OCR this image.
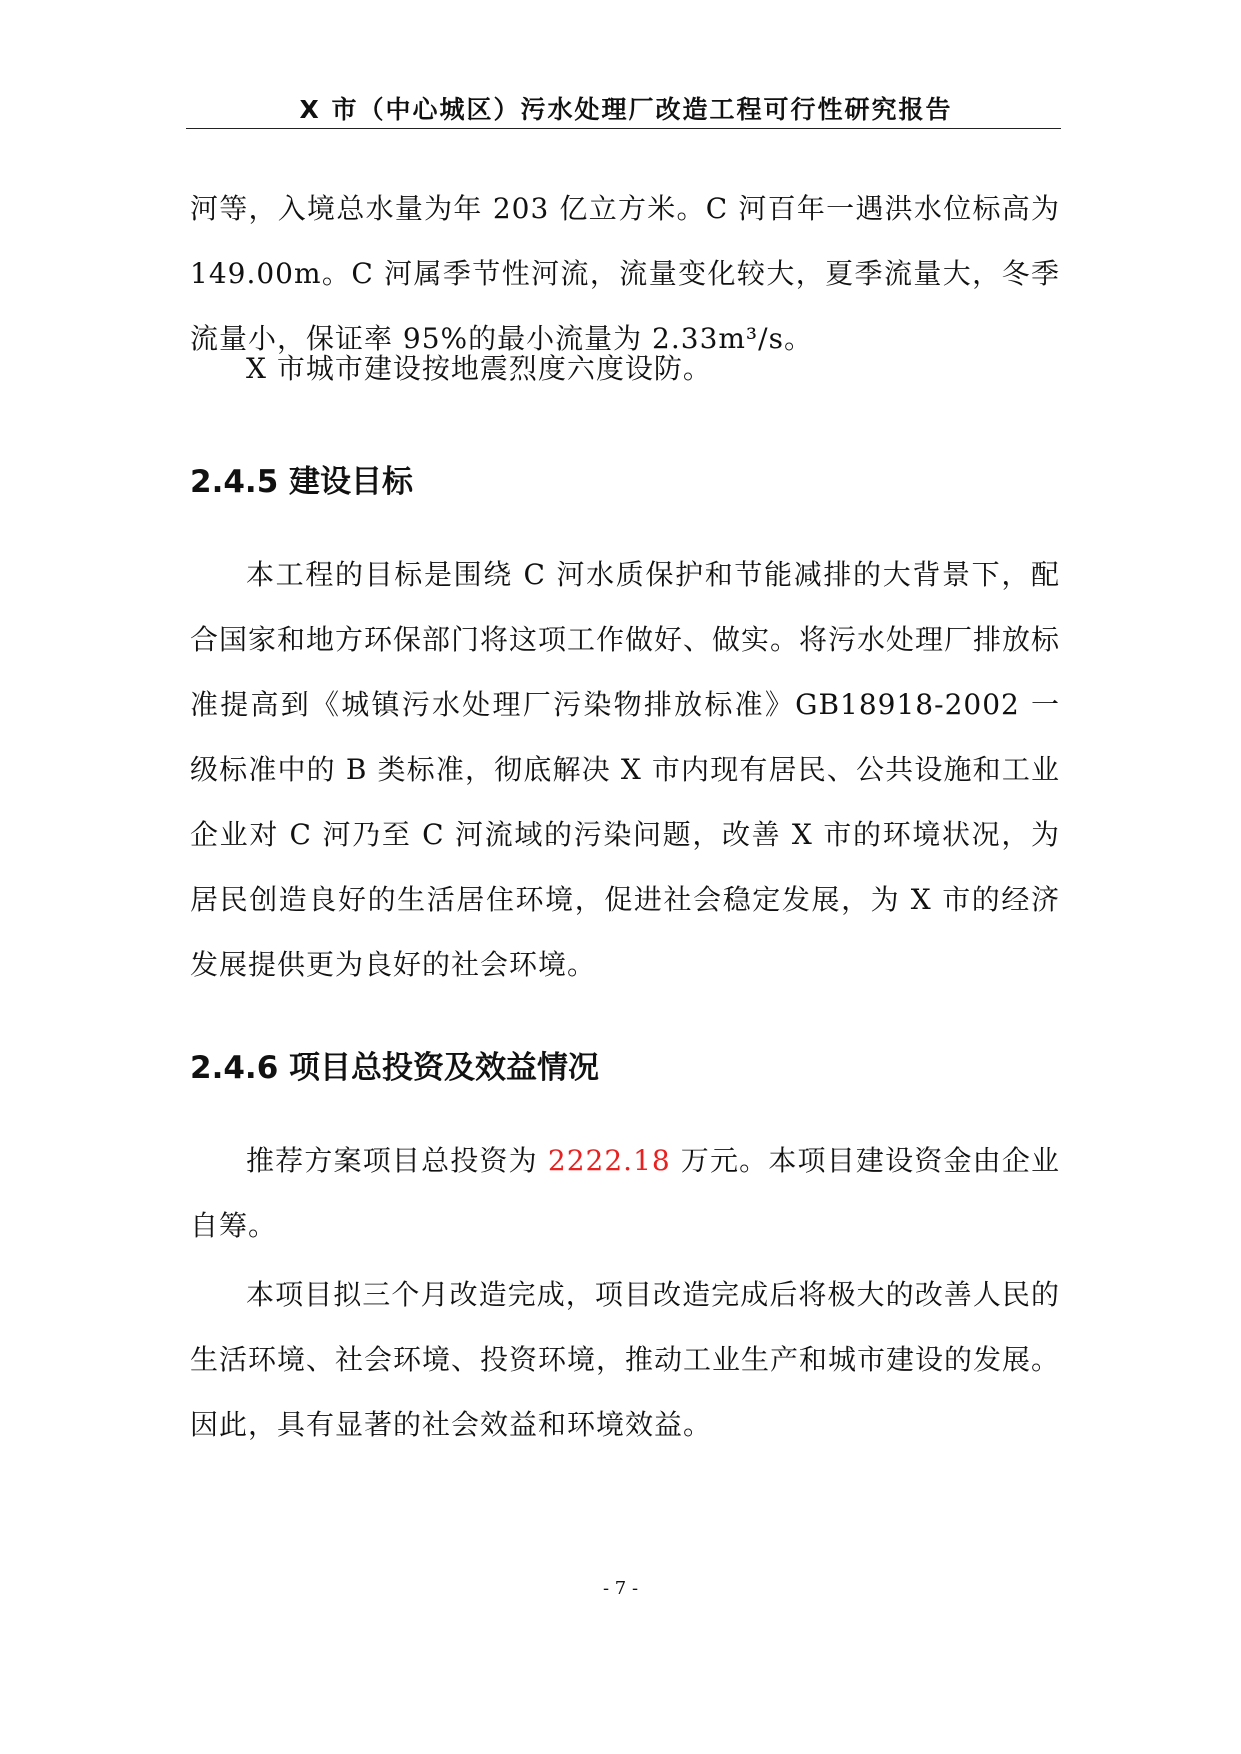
X 市（中心城区）污水处理厂改造工程可行性研究报告

河等，入境总水量为年 203 亿立方米。C 河百年一遇洪水位标高为 149.00m。C 河属季节性河流，流量变化较大，夏季流量大，冬季流量小，保证率 95%的最小流量为 2.33m³/s。

X 市城市建设按地震烈度六度设防。

2.4.5 建设目标

本工程的目标是围绕 C 河水质保护和节能减排的大背景下，配合国家和地方环保部门将这项工作做好、做实。将污水处理厂排放标准提高到《城镇污水处理厂污染物排放标准》GB18918-2002 一级标准中的 B 类标准，彻底解决 X 市内现有居民、公共设施和工业企业对 C 河乃至 C 河流域的污染问题，改善 X 市的环境状况，为居民创造良好的生活居住环境，促进社会稳定发展，为 X 市的经济发展提供更为良好的社会环境。

2.4.6 项目总投资及效益情况

推荐方案项目总投资为 2222.18 万元。本项目建设资金由企业自筹。

本项目拟三个月改造完成，项目改造完成后将极大的改善人民的生活环境、社会环境、投资环境，推动工业生产和城市建设的发展。因此，具有显著的社会效益和环境效益。

- 7 -
